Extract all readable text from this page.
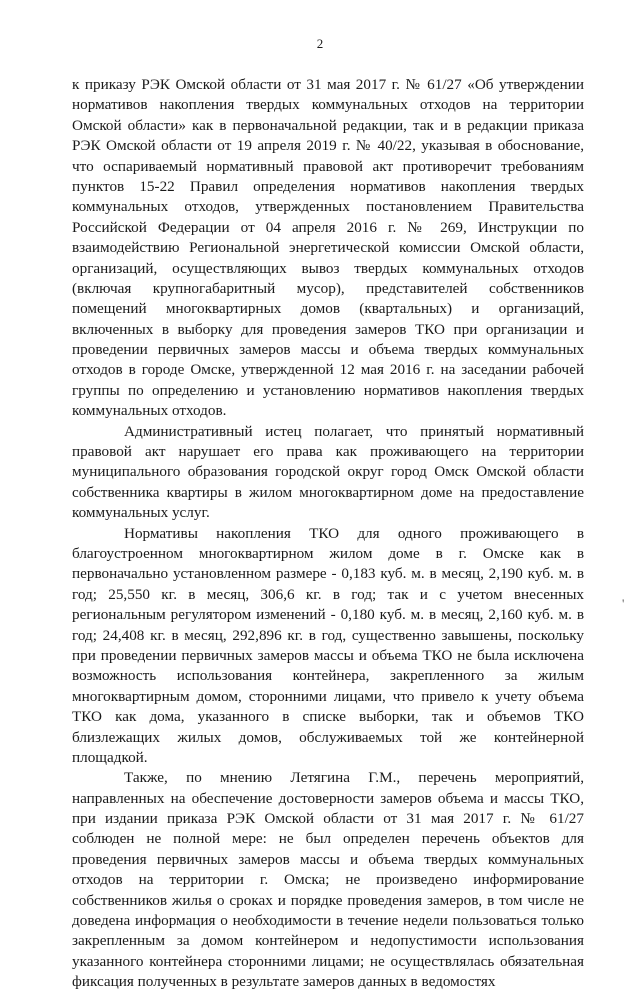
2
к приказу РЭК Омской области от 31 мая 2017 г. № 61/27 «Об утверждении
нормативов накопления твердых коммунальных отходов на территории
Омской области» как в первоначальной редакции, так и в редакции приказа
РЭК Омской области от 19 апреля 2019 г. № 40/22, указывая в обоснование,
что оспариваемый нормативный правовой акт противоречит требованиям
пунктов 15-22 Правил определения нормативов накопления твердых
коммунальных отходов, утвержденных постановлением Правительства
Российской Федерации от 04 апреля 2016 г. № 269, Инструкции по
взаимодействию Региональной энергетической комиссии Омской области,
организаций, осуществляющих вывоз твердых коммунальных отходов
(включая крупногабаритный мусор), представителей собственников
помещений многоквартирных домов (квартальных) и организаций,
включенных в выборку для проведения замеров ТКО при организации и
проведении первичных замеров массы и объема твердых коммунальных
отходов в городе Омске, утвержденной 12 мая 2016 г. на заседании рабочей
группы по определению и установлению нормативов накопления твердых
коммунальных отходов.
Административный истец полагает, что принятый нормативный
правовой акт нарушает его права как проживающего на территории
муниципального образования городской округ город Омск Омской области
собственника квартиры в жилом многоквартирном доме на предоставление
коммунальных услуг.
Нормативы накопления ТКО для одного проживающего в
благоустроенном многоквартирном жилом доме в г. Омске как в
первоначально установленном размере - 0,183 куб. м. в месяц, 2,190 куб. м. в
год; 25,550 кг. в месяц, 306,6 кг. в год; так и с учетом внесенных
региональным регулятором изменений - 0,180 куб. м. в месяц, 2,160 куб. м. в
год; 24,408 кг. в месяц, 292,896 кг. в год, существенно завышены, поскольку
при проведении первичных замеров массы и объема ТКО не была исключена
возможность использования контейнера, закрепленного за жилым
многоквартирным домом, сторонними лицами, что привело к учету объема
ТКО как дома, указанного в списке выборки, так и объемов ТКО
близлежащих жилых домов, обслуживаемых той же контейнерной
площадкой.
Также, по мнению Летягина Г.М., перечень мероприятий,
направленных на обеспечение достоверности замеров объема и массы ТКО,
при издании приказа РЭК Омской области от 31 мая 2017 г. № 61/27
соблюден не полной мере: не был определен перечень объектов для
проведения первичных замеров массы и объема твердых коммунальных
отходов на территории г. Омска; не произведено информирование
собственников жилья о сроках и порядке проведения замеров, в том числе не
доведена информация о необходимости в течение недели пользоваться только
закрепленным за домом контейнером и недопустимости использования
указанного контейнера сторонними лицами; не осуществлялась обязательная
фиксация полученных в результате замеров данных в ведомостях
'
